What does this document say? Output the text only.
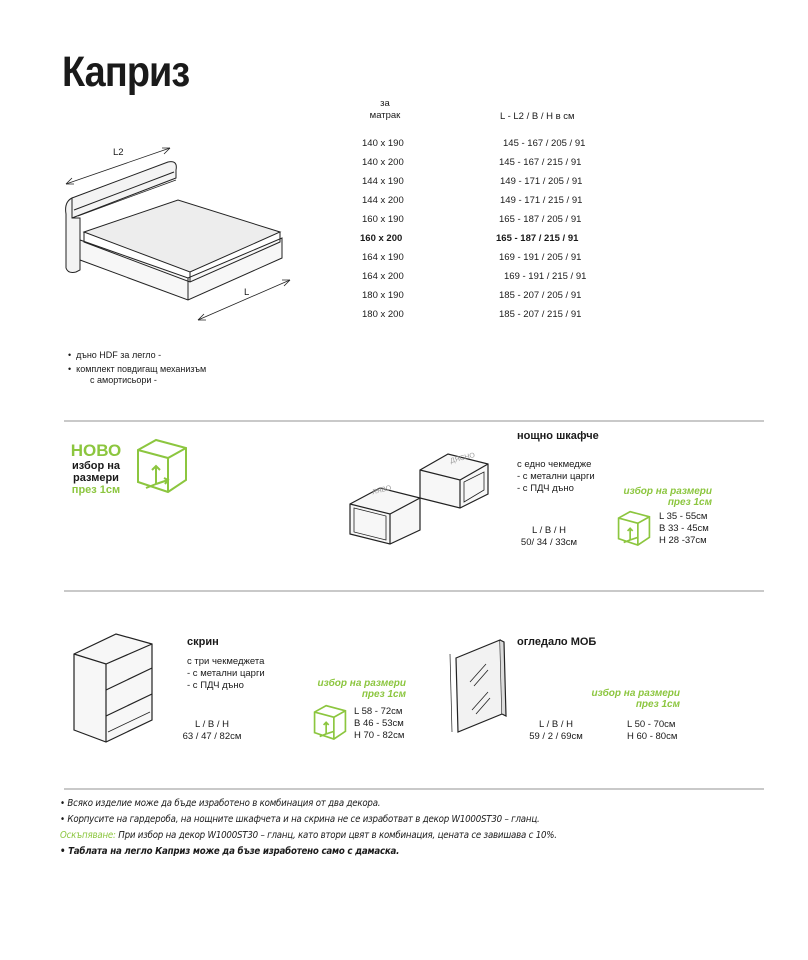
Каприз
L2
L
за
матрак	L - L2 / B / H в см
140 x 190	145 - 167 / 205 / 91
140 x 200	145 - 167 / 215 / 91
144 x 190	149 - 171 / 205 / 91
144 x 200	149 - 171 / 215 / 91
160 x 190	165 - 187 / 205 / 91
160 x 200	165 - 187 / 215 / 91
164 x 190	169 - 191 / 205 / 91
164 x 200	169 - 191 / 215 / 91
180 x 190	185 - 207 / 205 / 91
180 x 200	185 - 207 / 215 / 91
•  дъно HDF за легло -
•  комплект повдигащ механизъм
с амортисьори -
НОВО
избор на
размери
през 1см	ЛЯВО
ДЯСНО
нощно шкафче
с едно чекмедже
- с метални царги
- с ПДЧ дъно
L / B / H
50/ 34 / 33см
избор на размери
през 1см
L 35 - 55см
B 33 - 45см
H 28 -37см
скрин
с три чекмеджета
- с метални царги
- с ПДЧ дъно	избор на размери
през 1см
L / B / H
63 / 47 / 82см
L 58 - 72см
B 46 - 53см
H 70 - 82см
огледало МОБ
избор на размери
през 1см
L / B / H
59 / 2 / 69см
L 50 - 70см
H 60 - 80см
• Всяко изделие може да бъде изработено в комбинация от два декора.
• Корпусите на гардероба, на нощните шкафчета и на скрина не се изработват в декор W1000ST30 – гланц.
Оскъпяване: При избор на декор W1000ST30 – гланц, като втори цвят в комбинация, цената се завишава с 10%.
• Таблата на легло Каприз може да бъзе изработено само с дамаска.
